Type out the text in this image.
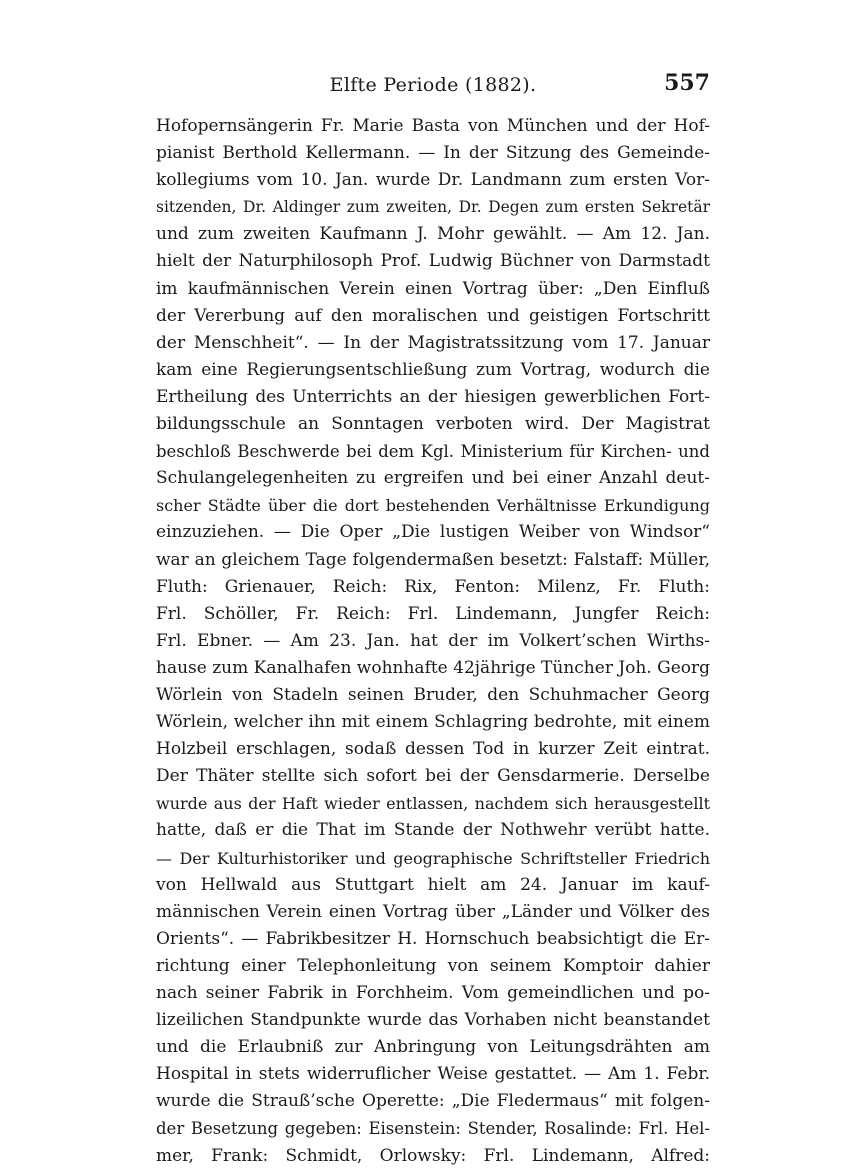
Elfte Periode (1882).	557
Hofopernsängerin Fr. Marie Basta von München und der Hof-
pianist Berthold Kellermann. — In der Sitzung des Gemeinde-
kollegiums vom 10. Jan. wurde Dr. Landmann zum ersten Vor-
sitzenden, Dr. Aldinger zum zweiten, Dr. Degen zum ersten Sekretär
und zum zweiten Kaufmann J. Mohr gewählt. — Am 12. Jan.
hielt der Naturphilosoph Prof. Ludwig Büchner von Darmstadt
im kaufmännischen Verein einen Vortrag über: „Den Einfluß
der Vererbung auf den moralischen und geistigen Fortschritt
der Menschheit“. — In der Magistratssitzung vom 17. Januar
kam eine Regierungsentschließung zum Vortrag, wodurch die
Ertheilung des Unterrichts an der hiesigen gewerblichen Fort-
bildungsschule an Sonntagen verboten wird. Der Magistrat
beschloß Beschwerde bei dem Kgl. Ministerium für Kirchen- und
Schulangelegenheiten zu ergreifen und bei einer Anzahl deut-
scher Städte über die dort bestehenden Verhältnisse Erkundigung
einzuziehen. — Die Oper „Die lustigen Weiber von Windsor“
war an gleichem Tage folgendermaßen besetzt: Falstaff: Müller,
Fluth: Grienauer, Reich: Rix, Fenton: Milenz, Fr. Fluth:
Frl. Schöller, Fr. Reich: Frl. Lindemann, Jungfer Reich:
Frl. Ebner. — Am 23. Jan. hat der im Volkert’schen Wirths-
hause zum Kanalhafen wohnhafte 42jährige Tüncher Joh. Georg
Wörlein von Stadeln seinen Bruder, den Schuhmacher Georg
Wörlein, welcher ihn mit einem Schlagring bedrohte, mit einem
Holzbeil erschlagen, sodaß dessen Tod in kurzer Zeit eintrat.
Der Thäter stellte sich sofort bei der Gensdarmerie. Derselbe
wurde aus der Haft wieder entlassen, nachdem sich herausgestellt
hatte, daß er die That im Stande der Nothwehr verübt hatte.
— Der Kulturhistoriker und geographische Schriftsteller Friedrich
von Hellwald aus Stuttgart hielt am 24. Januar im kauf-
männischen Verein einen Vortrag über „Länder und Völker des
Orients“. — Fabrikbesitzer H. Hornschuch beabsichtigt die Er-
richtung einer Telephonleitung von seinem Komptoir dahier
nach seiner Fabrik in Forchheim. Vom gemeindlichen und po-
lizeilichen Standpunkte wurde das Vorhaben nicht beanstandet
und die Erlaubniß zur Anbringung von Leitungsdrähten am
Hospital in stets widerruflicher Weise gestattet. — Am 1. Febr.
wurde die Strauß’sche Operette: „Die Fledermaus“ mit folgen-
der Besetzung gegeben: Eisenstein: Stender, Rosalinde: Frl. Hel-
mer, Frank: Schmidt, Orlowsky: Frl. Lindemann, Alfred:
